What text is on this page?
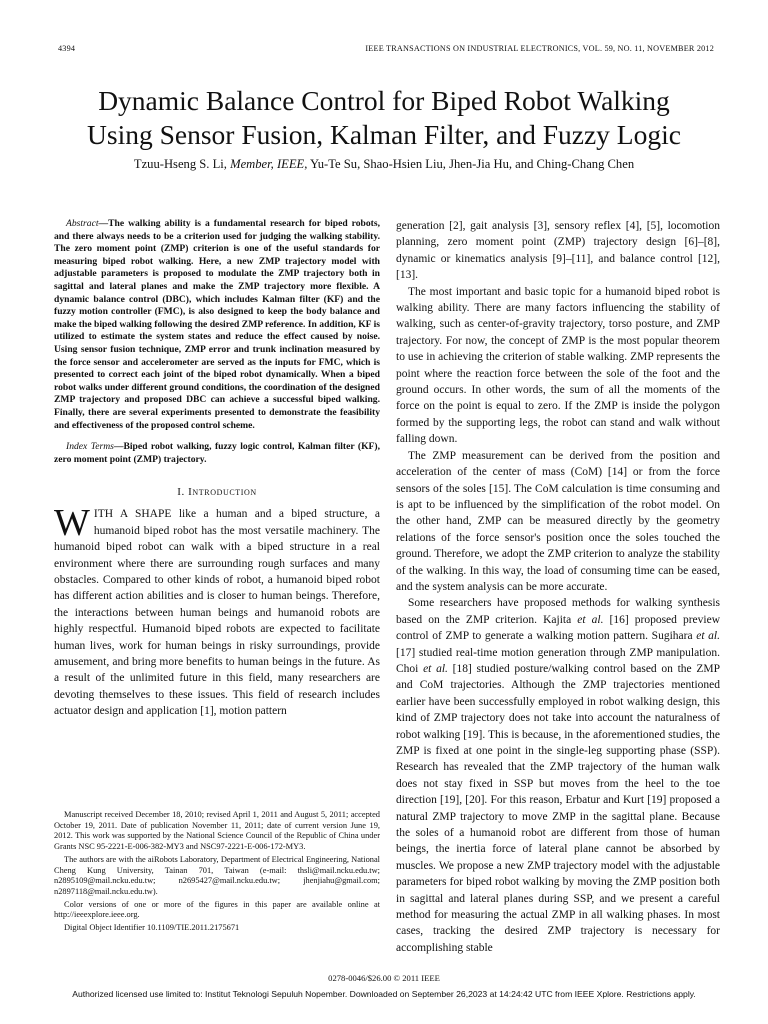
4394	IEEE TRANSACTIONS ON INDUSTRIAL ELECTRONICS, VOL. 59, NO. 11, NOVEMBER 2012
Dynamic Balance Control for Biped Robot Walking
Using Sensor Fusion, Kalman Filter, and Fuzzy Logic
Tzuu-Hseng S. Li, Member, IEEE, Yu-Te Su, Shao-Hsien Liu, Jhen-Jia Hu, and Ching-Chang Chen

Abstract—The walking ability is a fundamental research for biped robots, and there always needs to be a criterion used for judging the walking stability. The zero moment point (ZMP) criterion is one of the useful standards for measuring biped robot walking. Here, a new ZMP trajectory model with adjustable parameters is proposed to modulate the ZMP trajectory both in sagittal and lateral planes and make the ZMP trajectory more flexible. A dynamic balance control (DBC), which includes Kalman filter (KF) and the fuzzy motion controller (FMC), is also designed to keep the body balance and make the biped walking following the desired ZMP reference. In addition, KF is utilized to estimate the system states and reduce the effect caused by noise. Using sensor fusion technique, ZMP error and trunk inclination measured by the force sensor and accelerometer are served as the inputs for FMC, which is presented to correct each joint of the biped robot dynamically. When a biped robot walks under different ground conditions, the coordination of the designed ZMP trajectory and proposed DBC can achieve a successful biped walking. Finally, there are several experiments presented to demonstrate the feasibility and effectiveness of the proposed control scheme.

Index Terms—Biped robot walking, fuzzy logic control, Kalman filter (KF), zero moment point (ZMP) trajectory.

I. Introduction

WITH A SHAPE like a human and a biped structure, a humanoid biped robot has the most versatile machinery. The humanoid biped robot can walk with a biped structure in a real environment where there are surrounding rough surfaces and many obstacles. Compared to other kinds of robot, a humanoid biped robot has different action abilities and is closer to human beings. Therefore, the interactions between human beings and humanoid robots are highly respectful. Humanoid biped robots are expected to facilitate human lives, work for human beings in risky surroundings, provide amusement, and bring more benefits to human beings in the future. As a result of the unlimited future in this field, many researchers are devoting themselves to these issues. This field of research includes actuator design and application [1], motion pattern

Manuscript received December 18, 2010; revised April 1, 2011 and August 5, 2011; accepted October 19, 2011. Date of publication November 11, 2011; date of current version June 19, 2012. This work was supported by the National Science Council of the Republic of China under Grants NSC 95-2221-E-006-382-MY3 and NSC97-2221-E-006-172-MY3.

The authors are with the aiRobots Laboratory, Department of Electrical Engineering, National Cheng Kung University, Tainan 701, Taiwan (e-mail: thsli@mail.ncku.edu.tw; n2895109@mail.ncku.edu.tw; n2695427@mail.ncku.edu.tw; jhenjiahu@gmail.com; n2897118@mail.ncku.edu.tw).

Color versions of one or more of the figures in this paper are available online at http://ieeexplore.ieee.org.

Digital Object Identifier 10.1109/TIE.2011.2175671

generation [2], gait analysis [3], sensory reflex [4], [5], locomotion planning, zero moment point (ZMP) trajectory design [6]–[8], dynamic or kinematics analysis [9]–[11], and balance control [12], [13].

The most important and basic topic for a humanoid biped robot is walking ability. There are many factors influencing the stability of walking, such as center-of-gravity trajectory, torso posture, and ZMP trajectory. For now, the concept of ZMP is the most popular theorem to use in achieving the criterion of stable walking. ZMP represents the point where the reaction force between the sole of the foot and the ground occurs. In other words, the sum of all the moments of the force on the point is equal to zero. If the ZMP is inside the polygon formed by the supporting legs, the robot can stand and walk without falling down.

The ZMP measurement can be derived from the position and acceleration of the center of mass (CoM) [14] or from the force sensors of the soles [15]. The CoM calculation is time consuming and is apt to be influenced by the simplification of the robot model. On the other hand, ZMP can be measured directly by the geometry relations of the force sensor's position once the soles touched the ground. Therefore, we adopt the ZMP criterion to analyze the stability of the walking. In this way, the load of consuming time can be eased, and the system analysis can be more accurate.

Some researchers have proposed methods for walking synthesis based on the ZMP criterion. Kajita et al. [16] proposed preview control of ZMP to generate a walking motion pattern. Sugihara et al. [17] studied real-time motion generation through ZMP manipulation. Choi et al. [18] studied posture/walking control based on the ZMP and CoM trajectories. Although the ZMP trajectories mentioned earlier have been successfully employed in robot walking design, this kind of ZMP trajectory does not take into account the naturalness of robot walking [19]. This is because, in the aforementioned studies, the ZMP is fixed at one point in the single-leg supporting phase (SSP). Research has revealed that the ZMP trajectory of the human walk does not stay fixed in SSP but moves from the heel to the toe direction [19], [20]. For this reason, Erbatur and Kurt [19] proposed a natural ZMP trajectory to move ZMP in the sagittal plane. Because the soles of a humanoid robot are different from those of human beings, the inertia force of lateral plane cannot be absorbed by muscles. We propose a new ZMP trajectory model with the adjustable parameters for biped robot walking by moving the ZMP position both in sagittal and lateral planes during SSP, and we present a careful method for measuring the actual ZMP in all walking phases. In most cases, tracking the desired ZMP trajectory is necessary for accomplishing stable

0278-0046/$26.00 © 2011 IEEE
Authorized licensed use limited to: Institut Teknologi Sepuluh Nopember. Downloaded on September 26,2023 at 14:24:42 UTC from IEEE Xplore. Restrictions apply.
